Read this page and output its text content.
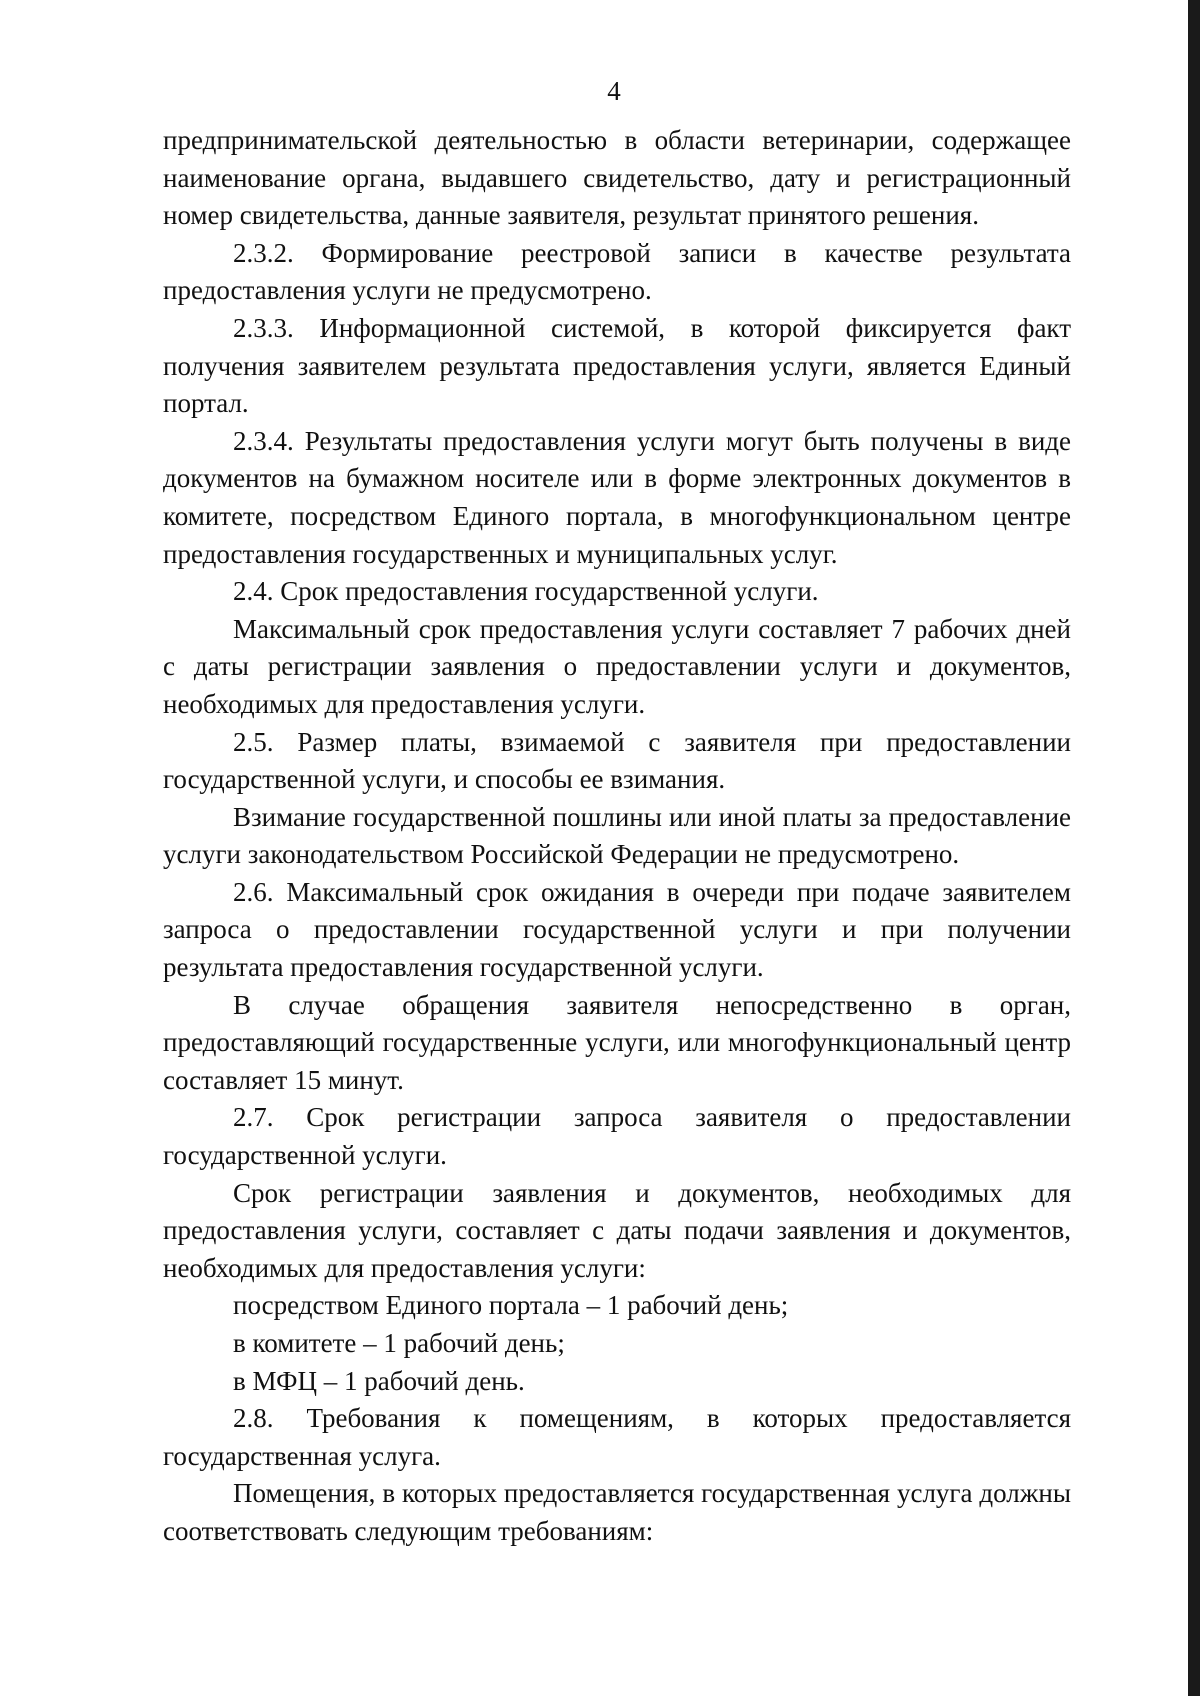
4

предпринимательской деятельностью в области ветеринарии, содержащее наименование органа, выдавшего свидетельство, дату и регистрационный номер свидетельства, данные заявителя, результат принятого решения.

2.3.2. Формирование реестровой записи в качестве результата предоставления услуги не предусмотрено.

2.3.3. Информационной системой, в которой фиксируется факт получения заявителем результата предоставления услуги, является Единый портал.

2.3.4. Результаты предоставления услуги могут быть получены в виде документов на бумажном носителе или в форме электронных документов в комитете, посредством Единого портала, в многофункциональном центре предоставления государственных и муниципальных услуг.

2.4. Срок предоставления государственной услуги.

Максимальный срок предоставления услуги составляет 7 рабочих дней с даты регистрации заявления о предоставлении услуги и документов, необходимых для предоставления услуги.

2.5. Размер платы, взимаемой с заявителя при предоставлении государственной услуги, и способы ее взимания.

Взимание государственной пошлины или иной платы за предоставление услуги законодательством Российской Федерации не предусмотрено.

2.6. Максимальный срок ожидания в очереди при подаче заявителем запроса о предоставлении государственной услуги и при получении результата предоставления государственной услуги.

В случае обращения заявителя непосредственно в орган, предоставляющий государственные услуги, или многофункциональный центр составляет 15 минут.

2.7. Срок регистрации запроса заявителя о предоставлении государственной услуги.

Срок регистрации заявления и документов, необходимых для предоставления услуги, составляет с даты подачи заявления и документов, необходимых для предоставления услуги:

посредством Единого портала – 1 рабочий день;

в комитете – 1 рабочий день;

в МФЦ – 1 рабочий день.

2.8. Требования к помещениям, в которых предоставляется государственная услуга.

Помещения, в которых предоставляется государственная услуга должны соответствовать следующим требованиям:
